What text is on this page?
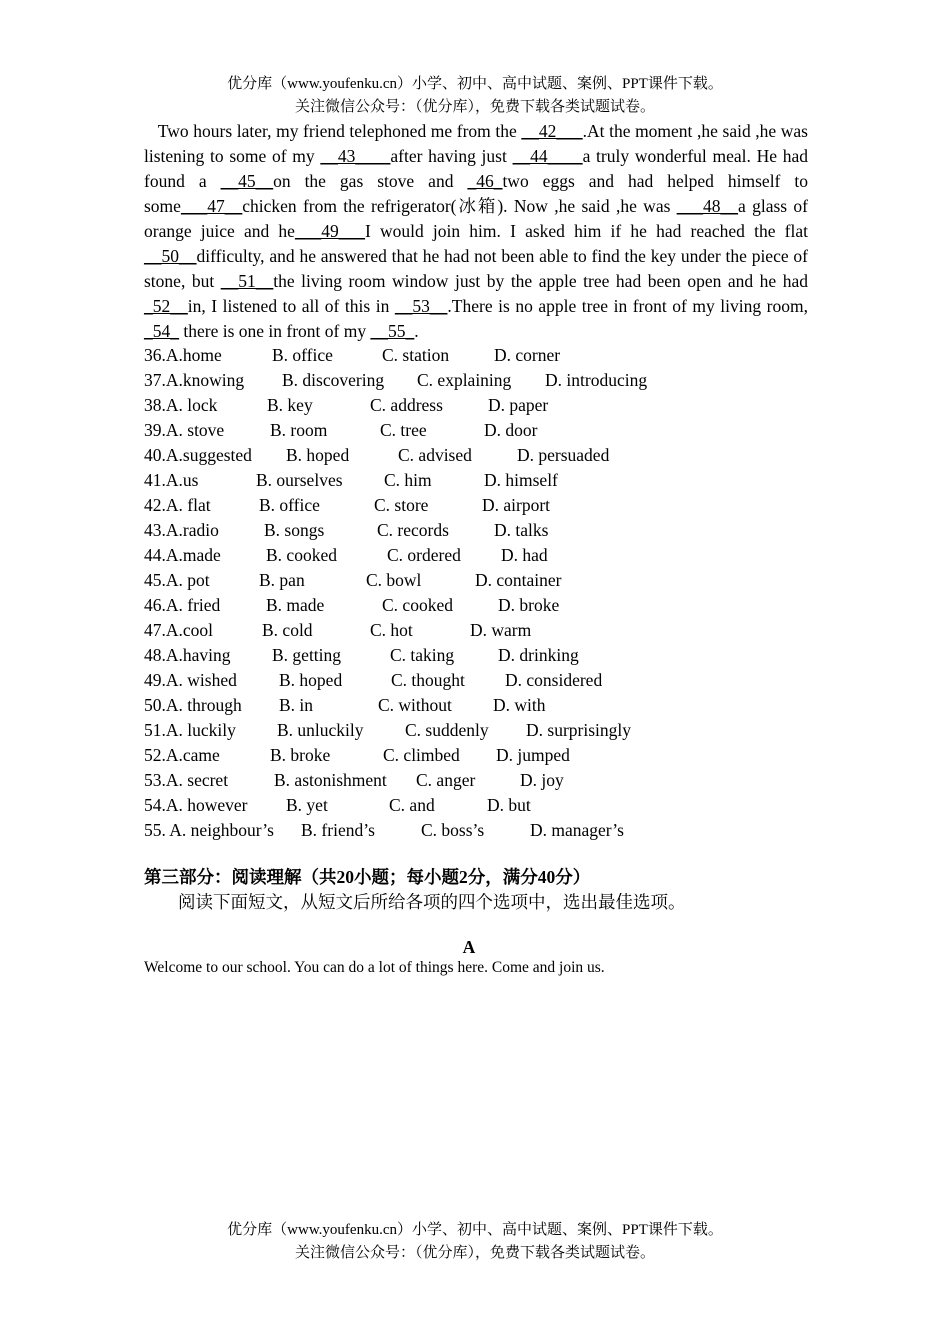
优分库（www.youfenku.cn）小学、初中、高中试题、案例、PPT课件下载。
关注微信公众号：（优分库），免费下载各类试题试卷。

Two hours later, my friend telephoned me from the __42___.At the moment ,he said ,he was listening to some of my __43____after having just __44____a truly wonderful meal. He had found a __45__on the gas stove and _46_two eggs and had helped himself to some___47__chicken from the refrigerator(冰箱). Now ,he said ,he was ___48__a glass of orange juice and he___49___I would join him. I asked him if he had reached the flat __50__difficulty, and he answered that he had not been able to find the key under the piece of stone, but __51__the living room window just by the apple tree had been open and he had _52__in, I listened to all of this in __53__.There is no apple tree in front of my living room, _54_ there is one in front of my __55_.

36.A.home	B. office	C. station	D. corner
37.A.knowing B. discovering C. explaining D. introducing
38.A. lock	B. key	C. address	D. paper
39.A. stove	B. room	C. tree	D. door
40.A.suggested B. hoped	C. advised	D. persuaded
41.A.us	B. ourselves C. him	D. himself
42.A. flat	B. office	C. store	D. airport
43.A.radio	B. songs	C. records	D. talks
44.A.made	B. cooked	C. ordered D. had
45.A. pot	B. pan	C. bowl	D. container
46.A. fried	B. made	C. cooked	D. broke
47.A.cool	B. cold	C. hot	D. warm
48.A.having B. getting	C. taking	D. drinking
49.A. wished B. hoped	C. thought D. considered
50.A. through B. in	C. without D. with
51.A. luckily B. unluckily C. suddenly D. surprisingly
52.A.came	B. broke	C. climbed D. jumped
53.A. secret	B. astonishment C. anger	D. joy
54.A. however B. yet	C. and	D. but
55. A. neighbour’s B. friend’s	C. boss’s	D. manager’s

第三部分：阅读理解（共20小题；每小题2分，满分40分）

阅读下面短文，从短文后所给各项的四个选项中，选出最佳选项。

A

Welcome to our school. You can do a lot of things here. Come and join us.

优分库（www.youfenku.cn）小学、初中、高中试题、案例、PPT课件下载。
关注微信公众号：（优分库），免费下载各类试题试卷。
